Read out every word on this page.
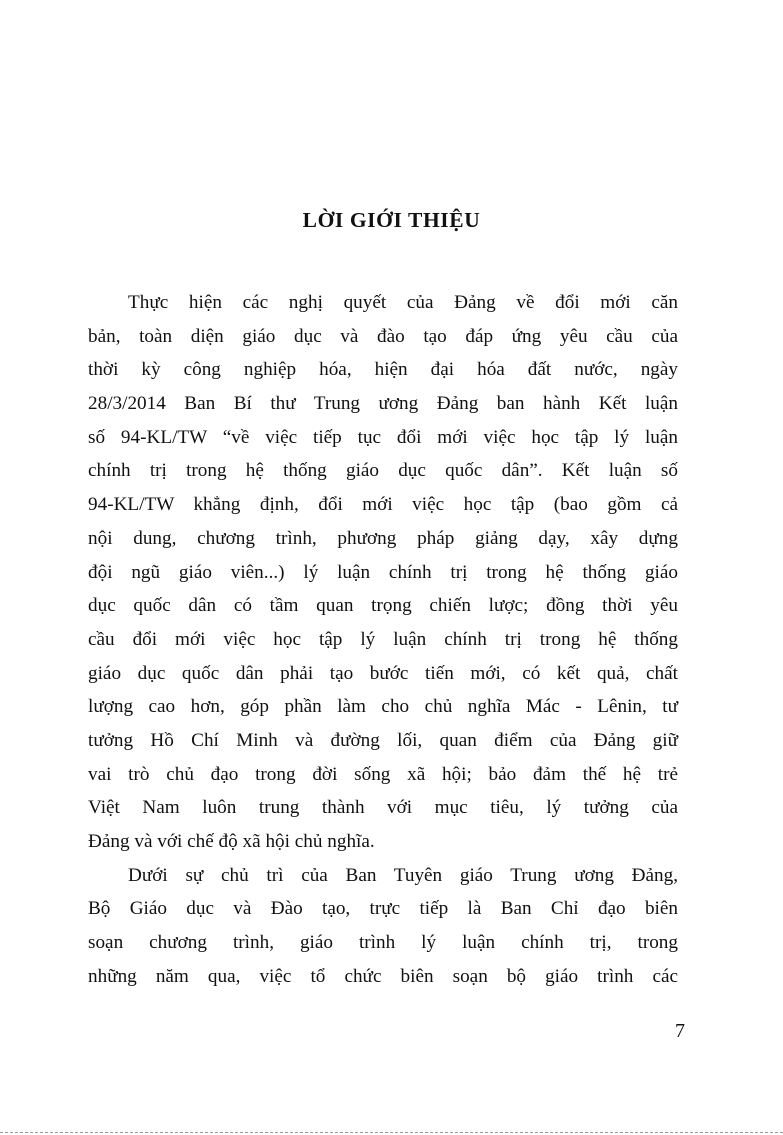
LỜI GIỚI THIỆU
Thực hiện các nghị quyết của Đảng về đổi mới căn
bản, toàn diện giáo dục và đào tạo đáp ứng yêu cầu của
thời kỳ công nghiệp hóa, hiện đại hóa đất nước, ngày
28/3/2014 Ban Bí thư Trung ương Đảng ban hành Kết luận
số 94-KL/TW “về việc tiếp tục đổi mới việc học tập lý luận
chính trị trong hệ thống giáo dục quốc dân”. Kết luận số
94-KL/TW khẳng định, đổi mới việc học tập (bao gồm cả
nội dung, chương trình, phương pháp giảng dạy, xây dựng
đội ngũ giáo viên...) lý luận chính trị trong hệ thống giáo
dục quốc dân có tầm quan trọng chiến lược; đồng thời yêu
cầu đổi mới việc học tập lý luận chính trị trong hệ thống
giáo dục quốc dân phải tạo bước tiến mới, có kết quả, chất
lượng cao hơn, góp phần làm cho chủ nghĩa Mác - Lênin, tư
tưởng Hồ Chí Minh và đường lối, quan điểm của Đảng giữ
vai trò chủ đạo trong đời sống xã hội; bảo đảm thế hệ trẻ
Việt Nam luôn trung thành với mục tiêu, lý tưởng của
Đảng và với chế độ xã hội chủ nghĩa.
Dưới sự chủ trì của Ban Tuyên giáo Trung ương Đảng,
Bộ Giáo dục và Đào tạo, trực tiếp là Ban Chỉ đạo biên
soạn chương trình, giáo trình lý luận chính trị, trong
những năm qua, việc tổ chức biên soạn bộ giáo trình các
7
